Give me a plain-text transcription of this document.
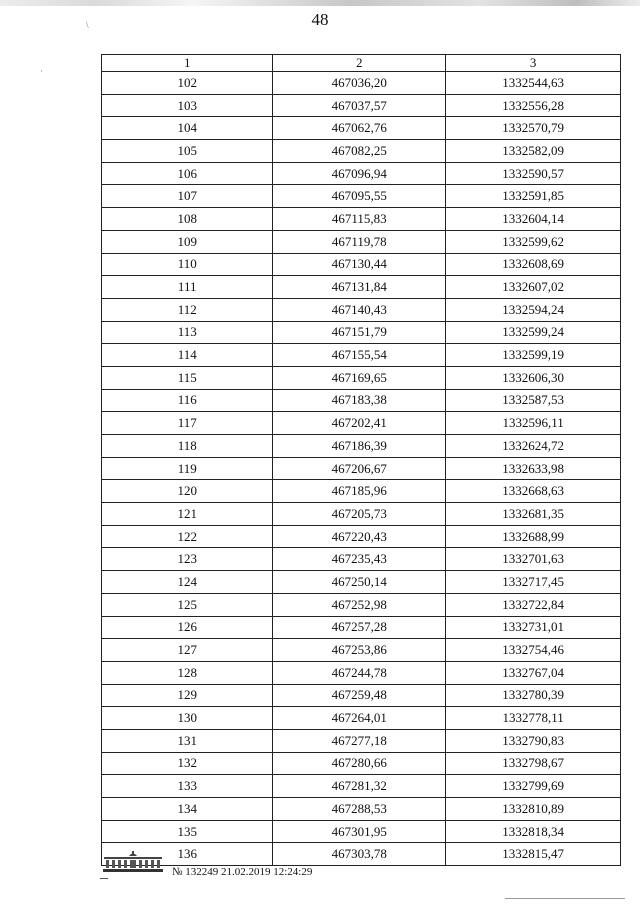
\
·
48
1	2	3
102	467036,20	1332544,63
103	467037,57	1332556,28
104	467062,76	1332570,79
105	467082,25	1332582,09
106	467096,94	1332590,57
107	467095,55	1332591,85
108	467115,83	1332604,14
109	467119,78	1332599,62
110	467130,44	1332608,69
111	467131,84	1332607,02
112	467140,43	1332594,24
113	467151,79	1332599,24
114	467155,54	1332599,19
115	467169,65	1332606,30
116	467183,38	1332587,53
117	467202,41	1332596,11
118	467186,39	1332624,72
119	467206,67	1332633,98
120	467185,96	1332668,63
121	467205,73	1332681,35
122	467220,43	1332688,99
123	467235,43	1332701,63
124	467250,14	1332717,45
125	467252,98	1332722,84
126	467257,28	1332731,01
127	467253,86	1332754,46
128	467244,78	1332767,04
129	467259,48	1332780,39
130	467264,01	1332778,11
131	467277,18	1332790,83
132	467280,66	1332798,67
133	467281,32	1332799,69
134	467288,53	1332810,89
135	467301,95	1332818,34
136	467303,78	1332815,47
№ 132249 21.02.2019 12:24:29
